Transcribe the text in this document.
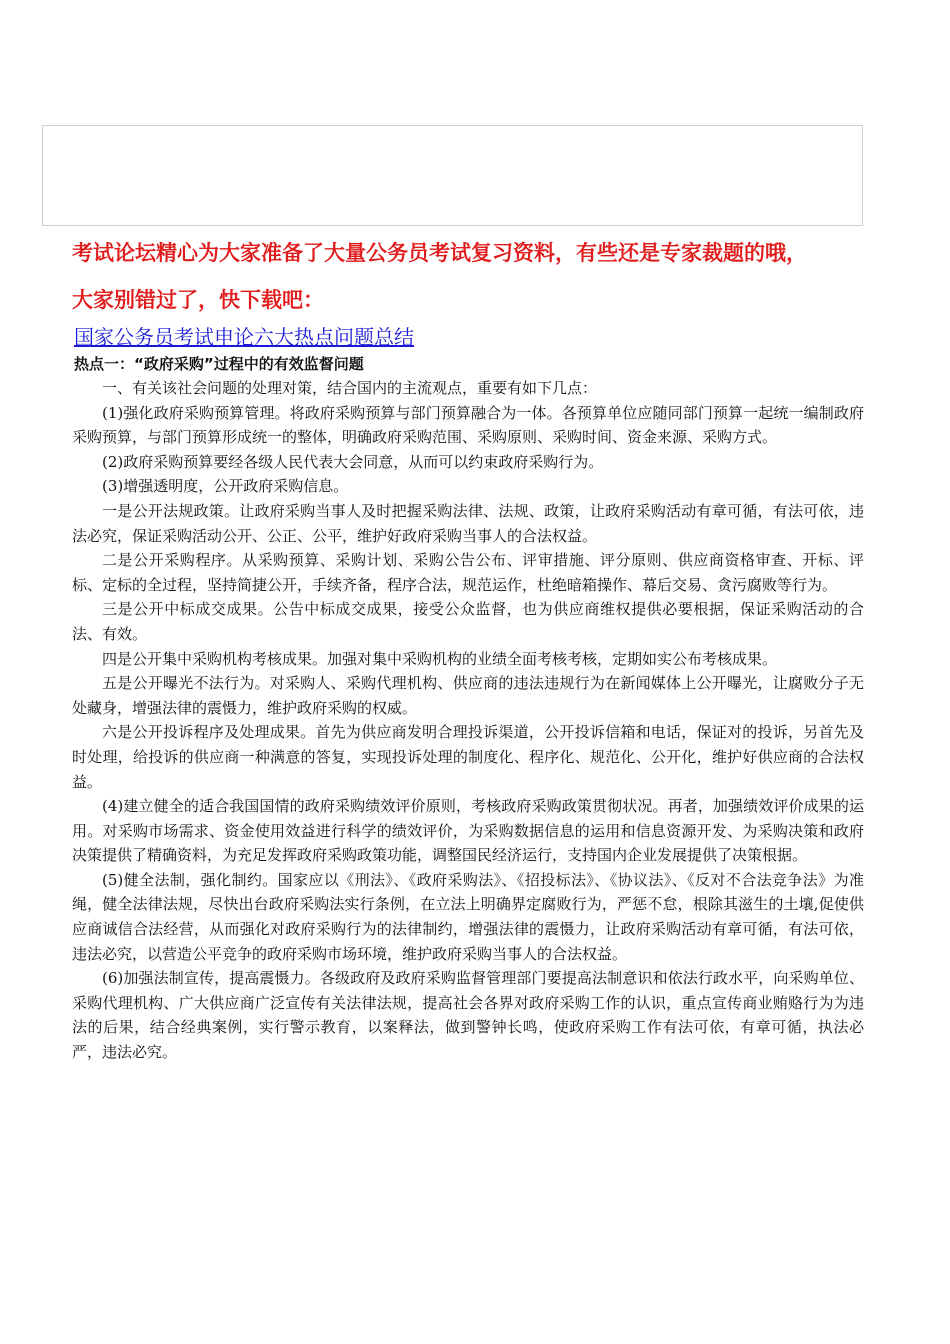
考试论坛精心为大家准备了大量公务员考试复习资料，有些还是专家裁题的哦，
大家别错过了，快下载吧：
国家公务员考试申论六大热点问题总结
热点一：“政府采购”过程中的有效监督问题

一、有关该社会问题的处理对策，结合国内的主流观点，重要有如下几点：

(1)强化政府采购预算管理。将政府采购预算与部门预算融合为一体。各预算单位应随同部门预算一起统一编制政府采购预算，与部门预算形成统一的整体，明确政府采购范围、采购原则、采购时间、资金来源、采购方式。

(2)政府采购预算要经各级人民代表大会同意，从而可以约束政府采购行为。

(3)增强透明度，公开政府采购信息。

一是公开法规政策。让政府采购当事人及时把握采购法律、法规、政策，让政府采购活动有章可循，有法可依，违法必究，保证采购活动公开、公正、公平，维护好政府采购当事人的合法权益。

二是公开采购程序。从采购预算、采购计划、采购公告公布、评审措施、评分原则、供应商资格审查、开标、评标、定标的全过程，坚持简捷公开，手续齐备，程序合法，规范运作，杜绝暗箱操作、幕后交易、贪污腐败等行为。

三是公开中标成交成果。公告中标成交成果，接受公众监督，也为供应商维权提供必要根据，保证采购活动的合法、有效。

四是公开集中采购机构考核成果。加强对集中采购机构的业绩全面考核考核，定期如实公布考核成果。

五是公开曝光不法行为。对采购人、采购代理机构、供应商的违法违规行为在新闻媒体上公开曝光，让腐败分子无处藏身，增强法律的震慑力，维护政府采购的权威。

六是公开投诉程序及处理成果。首先为供应商发明合理投诉渠道，公开投诉信箱和电话，保证对的投诉，另首先及时处理，给投诉的供应商一种满意的答复，实现投诉处理的制度化、程序化、规范化、公开化，维护好供应商的合法权益。

(4)建立健全的适合我国国情的政府采购绩效评价原则，考核政府采购政策贯彻状况。再者，加强绩效评价成果的运用。对采购市场需求、资金使用效益进行科学的绩效评价，为采购数据信息的运用和信息资源开发、为采购决策和政府决策提供了精确资料，为充足发挥政府采购政策功能，调整国民经济运行，支持国内企业发展提供了决策根据。

(5)健全法制，强化制约。国家应以《刑法》、《政府采购法》、《招投标法》、《协议法》、《反对不合法竞争法》为准绳，健全法律法规，尽快出台政府采购法实行条例，在立法上明确界定腐败行为，严惩不怠，根除其滋生的土壤,促使供应商诚信合法经营，从而强化对政府采购行为的法律制约，增强法律的震慑力，让政府采购活动有章可循，有法可依，违法必究，以营造公平竞争的政府采购市场环境，维护政府采购当事人的合法权益。

(6)加强法制宣传，提高震慑力。各级政府及政府采购监督管理部门要提高法制意识和依法行政水平，向采购单位、采购代理机构、广大供应商广泛宣传有关法律法规，提高社会各界对政府采购工作的认识，重点宣传商业贿赂行为为违法的后果，结合经典案例，实行警示教育，以案释法，做到警钟长鸣，使政府采购工作有法可依，有章可循，执法必严，违法必究。
